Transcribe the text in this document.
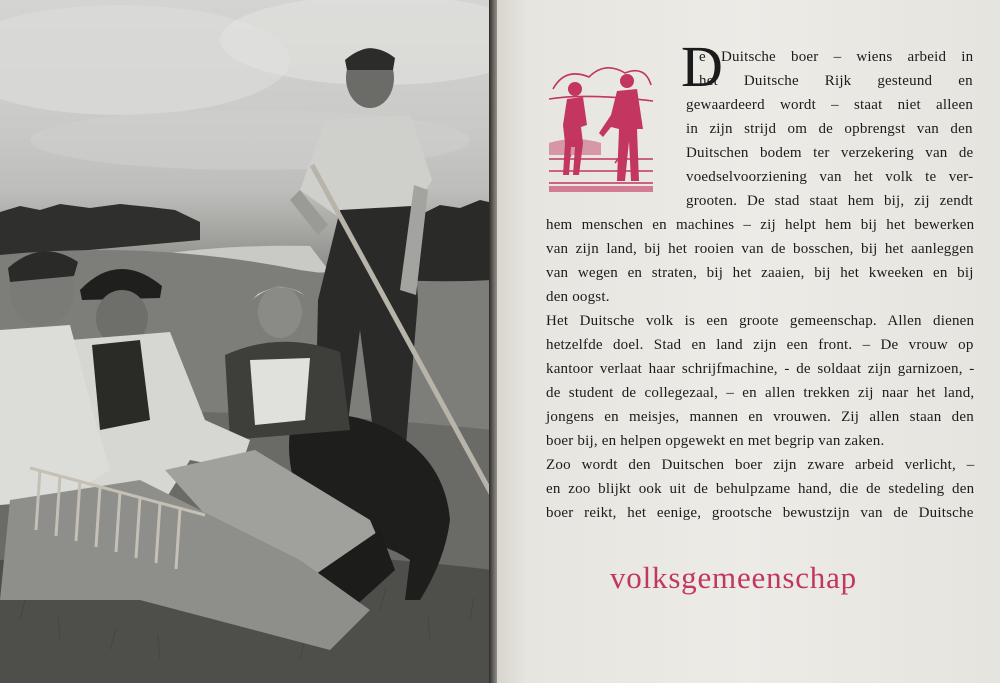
D
e Duitsche boer – wiens arbeid in
het Duitsche Rijk gesteund en
gewaardeerd wordt – staat niet alleen
in zijn strijd om de opbrengst van den
Duitschen bodem ter verzekering van de
voedselvoorziening van het volk te ver-
grooten. De stad staat hem bij, zij zendt
hem menschen en machines – zij helpt hem bij het bewerken
van zijn land, bij het rooien van de bosschen, bij het aanleggen
van wegen en straten, bij het zaaien, bij het kweeken en bij
den oogst.
Het Duitsche volk is een groote gemeenschap. Allen dienen
hetzelfde doel. Stad en land zijn een front. – De vrouw op
kantoor verlaat haar schrijfmachine, - de soldaat zijn garnizoen, -
de student de collegezaal, – en allen trekken zij naar het land,
jongens en meisjes, mannen en vrouwen. Zij allen staan den
boer bij, en helpen opgewekt en met begrip van zaken.
Zoo wordt den Duitschen boer zijn zware arbeid verlicht, –
en zoo blijkt ook uit de behulpzame hand, die de stedeling den
boer reikt, het eenige, grootsche bewustzijn van de Duitsche
volksgemeenschap
